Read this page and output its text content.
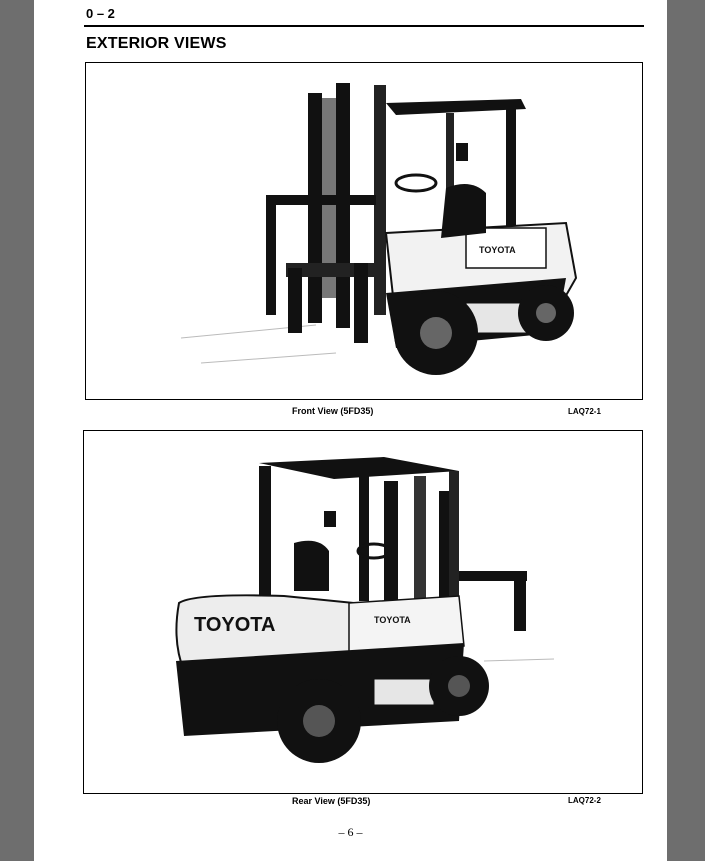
0 – 2
EXTERIOR VIEWS
TOYOTA
Front View (5FD35)	LAQ72-1
TOYOTA	TOYOTA
Rear View (5FD35)	LAQ72-2
– 6 –
